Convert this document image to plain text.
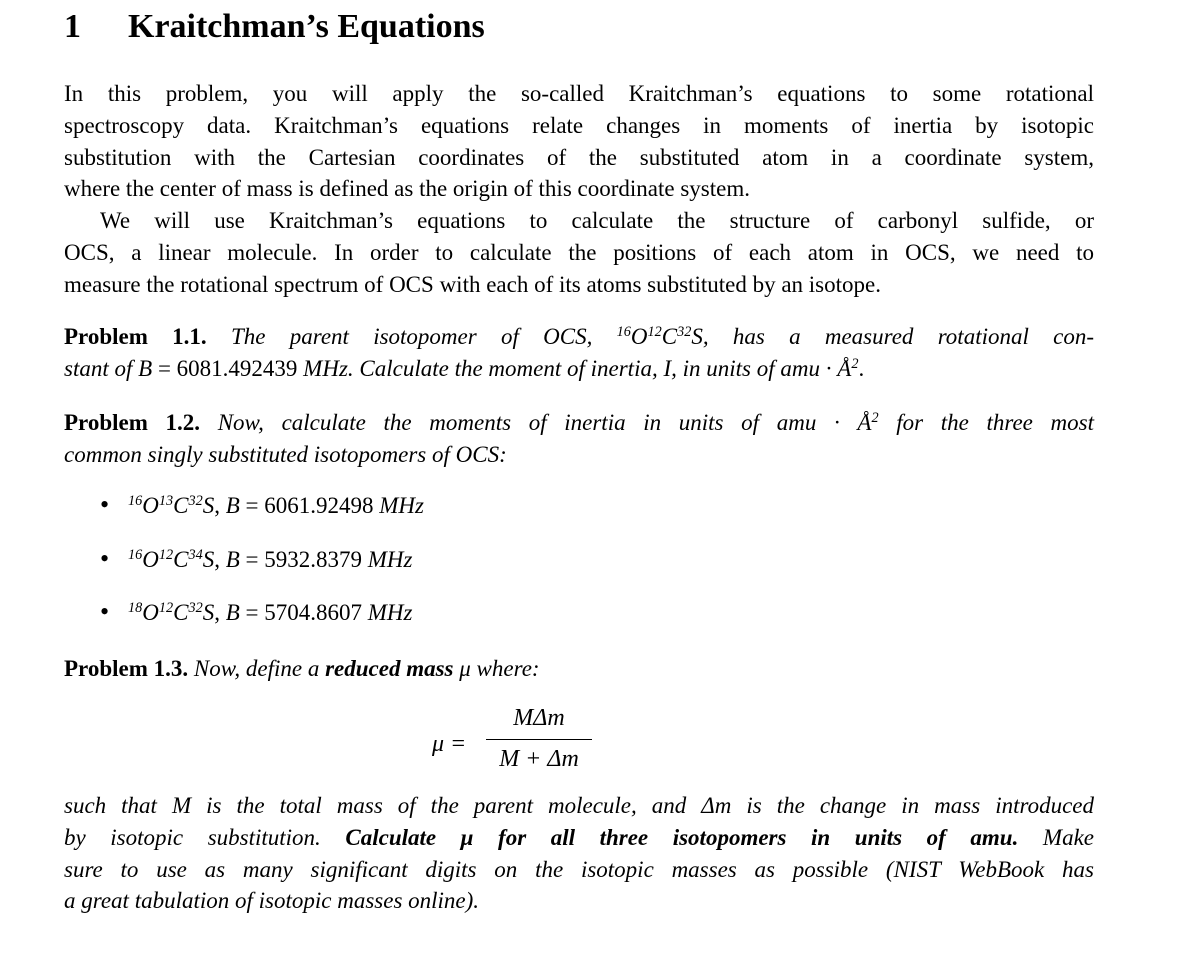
1 Kraitchman’s Equations
In this problem, you will apply the so-called Kraitchman’s equations to some rotational
spectroscopy data. Kraitchman’s equations relate changes in moments of inertia by isotopic
substitution with the Cartesian coordinates of the substituted atom in a coordinate system,
where the center of mass is defined as the origin of this coordinate system.
We will use Kraitchman’s equations to calculate the structure of carbonyl sulfide, or
OCS, a linear molecule. In order to calculate the positions of each atom in OCS, we need to
measure the rotational spectrum of OCS with each of its atoms substituted by an isotope.
Problem 1.1. The parent isotopomer of OCS, $^{16}O^{12}C^{32}S$, has a measured rotational con-
stant of B = 6081.492439 MHz. Calculate the moment of inertia, I, in units of amu · $Å^2$.
Problem 1.2. Now, calculate the moments of inertia in units of amu · $Å^2$ for the three most
common singly substituted isotopomers of OCS:
• $^{16}O^{13}C^{32}S$, B = 6061.92498 MHz
• $^{16}O^{12}C^{34}S$, B = 5932.8379 MHz
• $^{18}O^{12}C^{32}S$, B = 5704.8607 MHz
Problem 1.3. Now, define a reduced mass μ where:
μ =
MΔm
M + Δm
such that M is the total mass of the parent molecule, and Δm is the change in mass introduced
by isotopic substitution. Calculate μ for all three isotopomers in units of amu. Make
sure to use as many significant digits on the isotopic masses as possible (NIST WebBook has
a great tabulation of isotopic masses online).
